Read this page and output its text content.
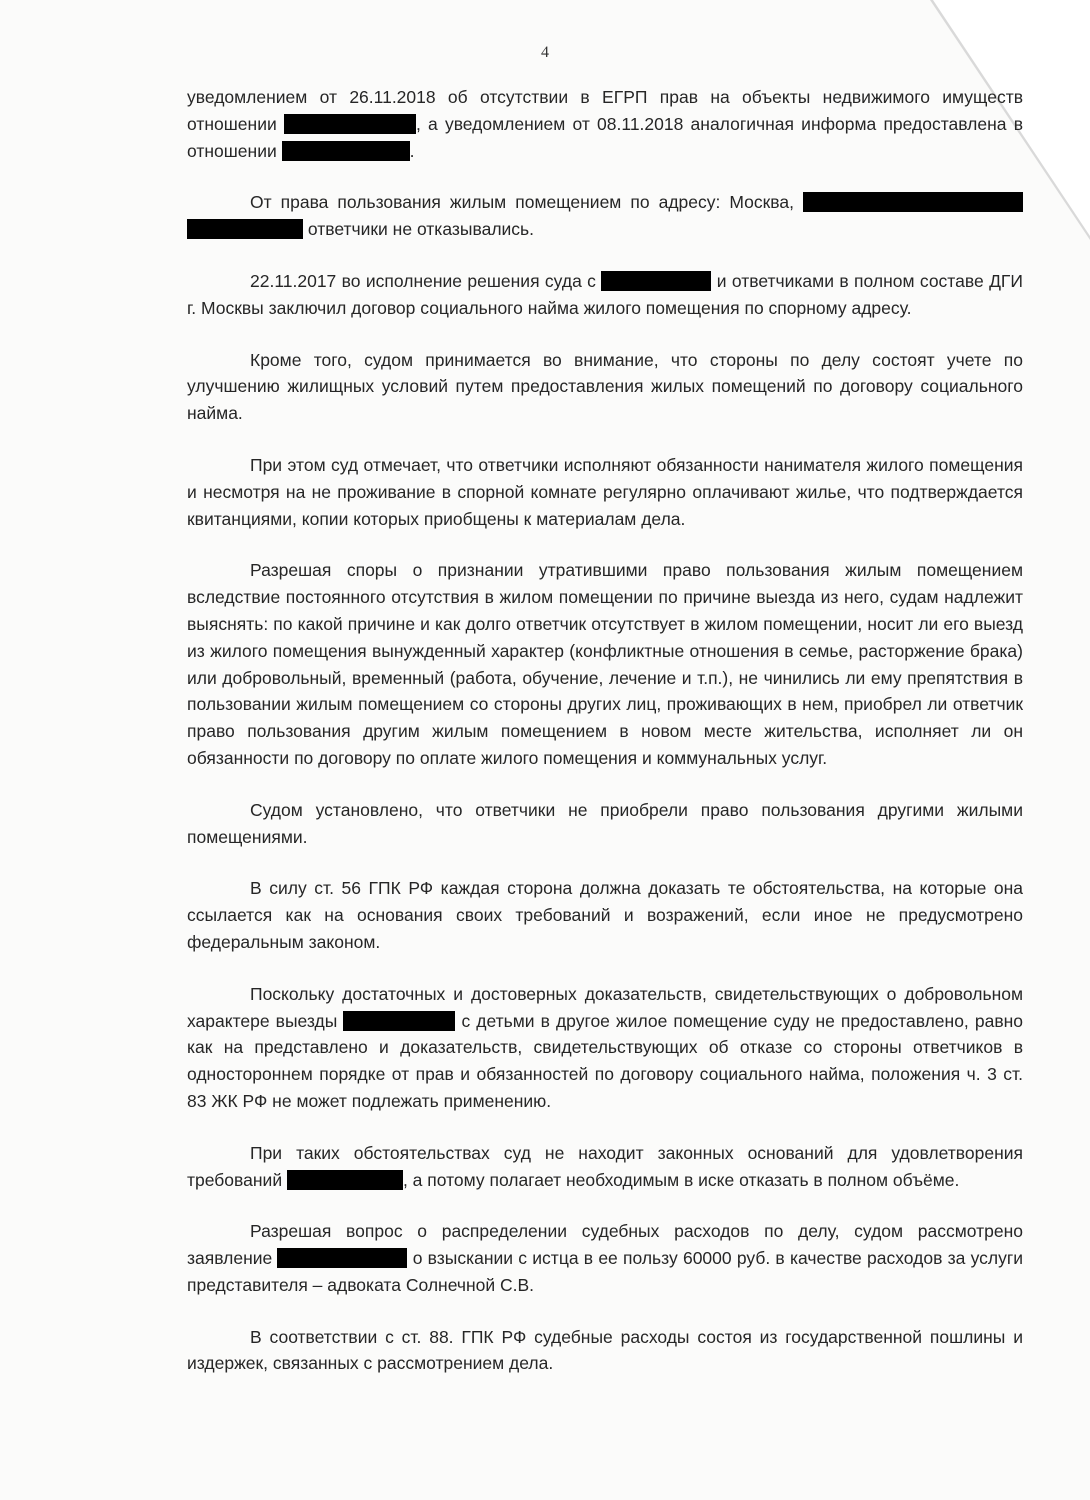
4

уведомлением от 26.11.2018 об отсутствии в ЕГРП прав на объекты недвижимого имуществ отношении	, а уведомлением от 08.11.2018 аналогичная информа предоставлена в отношении	.

От права пользования жилым помещением по адресу: Москва,   ответчики не отказывались.

22.11.2017 во исполнение решения суда с	и ответчиками в полном составе ДГИ г. Москвы заключил договор социального найма жилого помещения по спорному адресу.

Кроме того, судом принимается во внимание, что стороны по делу состоят учете по улучшению жилищных условий путем предоставления жилых помещений по договору социального найма.

При этом суд отмечает, что ответчики исполняют обязанности нанимателя жилого помещения и несмотря на не проживание в спорной комнате регулярно оплачивают жилье, что подтверждается квитанциями, копии которых приобщены к материалам дела.

Разрешая споры о признании утратившими право пользования жилым помещением вследствие постоянного отсутствия в жилом помещении по причине выезда из него, судам надлежит выяснять: по какой причине и как долго ответчик отсутствует в жилом помещении, носит ли его выезд из жилого помещения вынужденный характер (конфликтные отношения в семье, расторжение брака) или добровольный, временный (работа, обучение, лечение и т.п.), не чинились ли ему препятствия в пользовании жилым помещением со стороны других лиц, проживающих в нем, приобрел ли ответчик право пользования другим жилым помещением в новом месте жительства, исполняет ли он обязанности по договору по оплате жилого помещения и коммунальных услуг.

Судом установлено, что ответчики не приобрели право пользования другими жилыми помещениями.

В силу ст. 56 ГПК РФ каждая сторона должна доказать те обстоятельства, на которые она ссылается как на основания своих требований и возражений, если иное не предусмотрено федеральным законом.

Поскольку достаточных и достоверных доказательств, свидетельствующих о добровольном характере выезды	с детьми в другое жилое помещение суду не предоставлено, равно как на представлено и доказательств, свидетельствующих об отказе со стороны ответчиков в одностороннем порядке от прав и обязанностей по договору социального найма, положения ч. 3 ст. 83 ЖК РФ не может подлежать применению.

При таких обстоятельствах суд не находит законных оснований для удовлетворения требований	, а потому полагает необходимым в иске отказать в полном объёме.

Разрешая вопрос о распределении судебных расходов по делу, судом рассмотрено заявление	о взыскании с истца в ее пользу 60000 руб. в качестве расходов за услуги представителя – адвоката Солнечной С.В.

В соответствии с ст. 88. ГПК РФ судебные расходы состоя из государственной пошлины и издержек, связанных с рассмотрением дела.
